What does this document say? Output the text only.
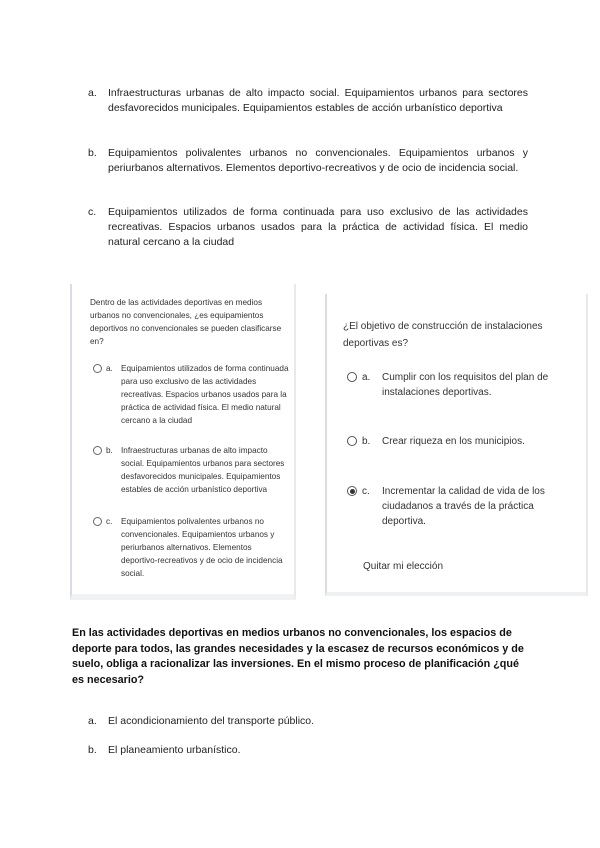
a. Infraestructuras urbanas de alto impacto social. Equipamientos urbanos para sectores desfavorecidos municipales. Equipamientos estables de acción urbanístico deportiva
b. Equipamientos polivalentes urbanos no convencionales. Equipamientos urbanos y periurbanos alternativos. Elementos deportivo-recreativos y de ocio de incidencia social.
c. Equipamientos utilizados de forma continuada para uso exclusivo de las actividades recreativas. Espacios urbanos usados para la práctica de actividad física. El medio natural cercano a la ciudad
Dentro de las actividades deportivas en medios urbanos no convencionales, ¿es equipamientos deportivos no convencionales se pueden clasificarse en?
a. Equipamientos utilizados de forma continuada para uso exclusivo de las actividades recreativas. Espacios urbanos usados para la práctica de actividad física. El medio natural cercano a la ciudad
b. Infraestructuras urbanas de alto impacto social. Equipamientos urbanos para sectores desfavorecidos municipales. Equipamientos estables de acción urbanístico deportiva
c. Equipamientos polivalentes urbanos no convencionales. Equipamientos urbanos y periurbanos alternativos. Elementos deportivo-recreativos y de ocio de incidencia social.
¿El objetivo de construcción de instalaciones deportivas es?
a. Cumplir con los requisitos del plan de instalaciones deportivas.
b. Crear riqueza en los municipios.
c. Incrementar la calidad de vida de los ciudadanos a través de la práctica deportiva.
Quitar mi elección
En las actividades deportivas en medios urbanos no convencionales, los espacios de deporte para todos, las grandes necesidades y la escasez de recursos económicos y de suelo, obliga a racionalizar las inversiones. En el mismo proceso de planificación ¿qué es necesario?
a. El acondicionamiento del transporte público.
b. El planeamiento urbanístico.
